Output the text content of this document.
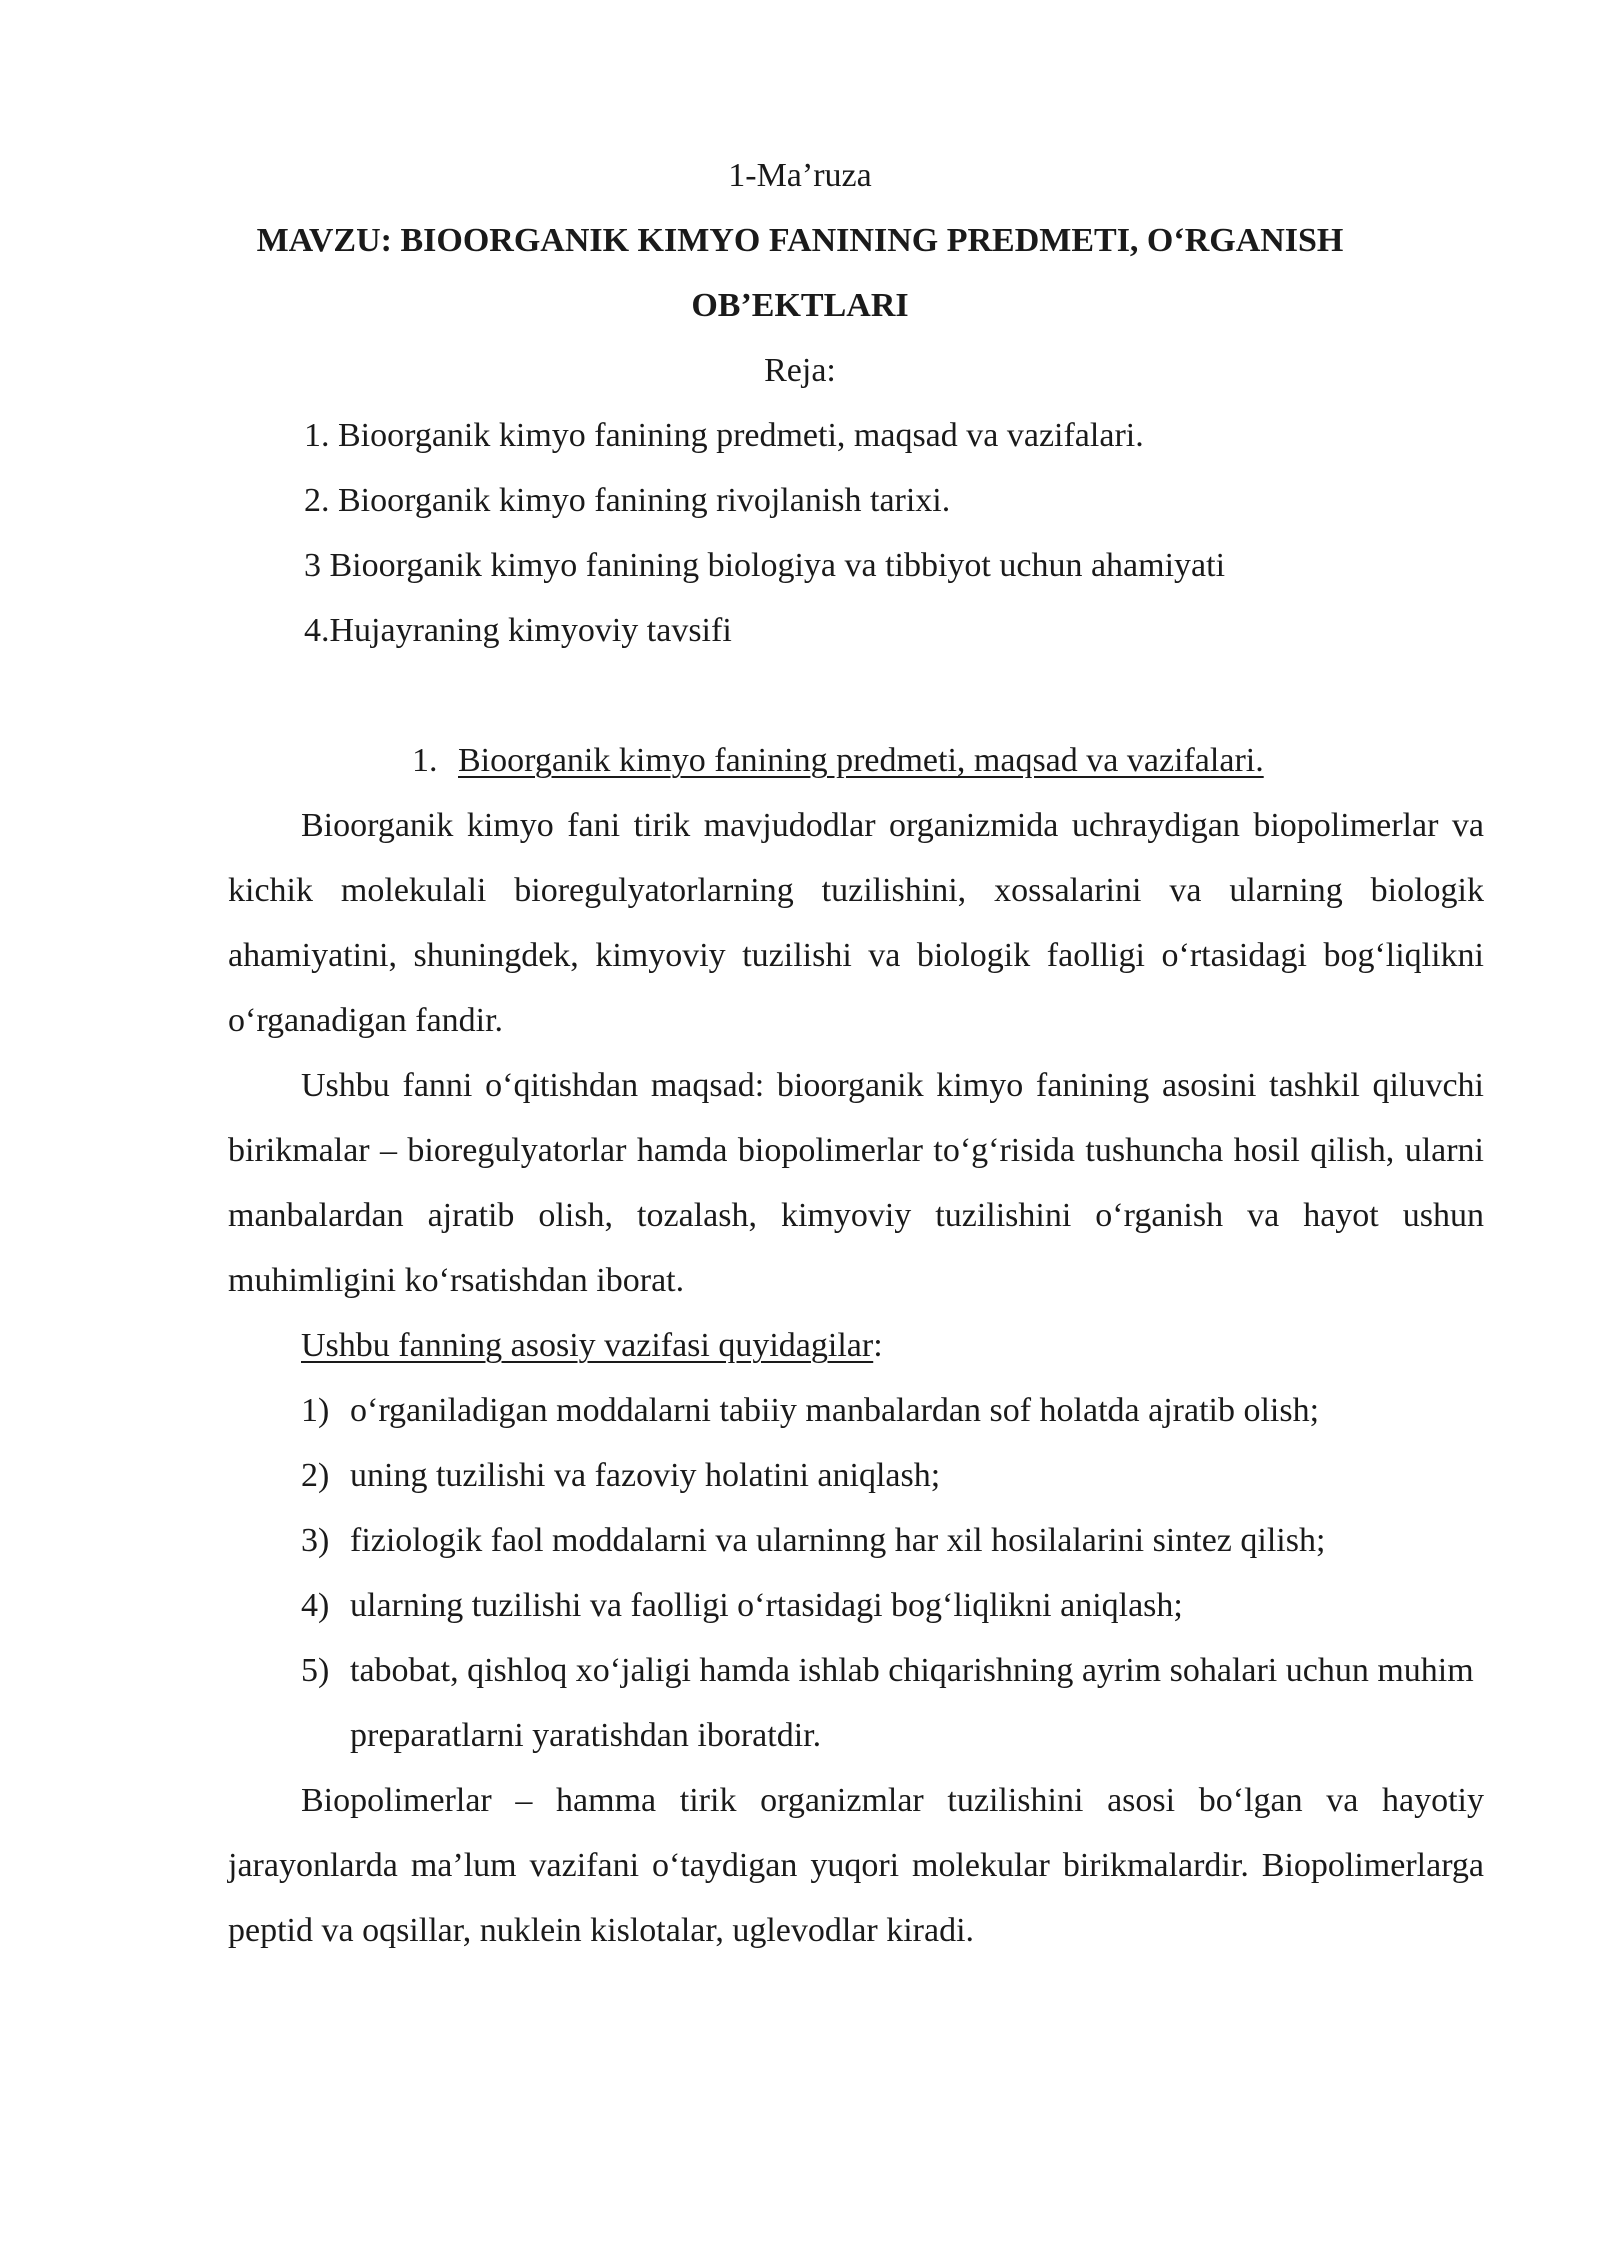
1-Ma’ruza
MAVZU: BIOORGANIK KIMYO FANINING PREDMETI, O‘RGANISH
OB’EKTLARI
Reja:
1. Bioorganik kimyo fanining predmeti, maqsad va vazifalari.
2. Bioorganik kimyo fanining rivojlanish tarixi.
3 Bioorganik kimyo fanining biologiya va tibbiyot uchun ahamiyati
4.Hujayraning kimyoviy tavsifi
1. Bioorganik kimyo fanining predmeti, maqsad va vazifalari.
Bioorganik kimyo fani tirik mavjudodlar organizmida uchraydigan biopolimerlar va kichik molekulali bioregulyatorlarning tuzilishini, xossalarini va ularning biologik ahamiyatini, shuningdek, kimyoviy tuzilishi va biologik faolligi o‘rtasidagi bog‘liqlikni o‘rganadigan fandir.
Ushbu fanni o‘qitishdan maqsad: bioorganik kimyo fanining asosini tashkil qiluvchi birikmalar – bioregulyatorlar hamda biopolimerlar to‘g‘risida tushuncha hosil qilish, ularni manbalardan ajratib olish, tozalash, kimyoviy tuzilishini o‘rganish va hayot ushun muhimligini ko‘rsatishdan iborat.
Ushbu fanning asosiy vazifasi quyidagilar:
1) o‘rganiladigan moddalarni tabiiy manbalardan sof holatda ajratib olish;
2) uning tuzilishi va fazoviy holatini aniqlash;
3) fiziologik faol moddalarni va ularninng har xil hosilalarini sintez qilish;
4) ularning tuzilishi va faolligi o‘rtasidagi bog‘liqlikni aniqlash;
5) tabobat, qishloq xo‘jaligi hamda ishlab chiqarishning ayrim sohalari uchun muhim preparatlarni yaratishdan iboratdir.
Biopolimerlar – hamma tirik organizmlar tuzilishini asosi bo‘lgan va hayotiy jarayonlarda ma’lum vazifani o‘taydigan yuqori molekular birikmalardir. Biopolimerlarga peptid va oqsillar, nuklein kislotalar, uglevodlar kiradi.
